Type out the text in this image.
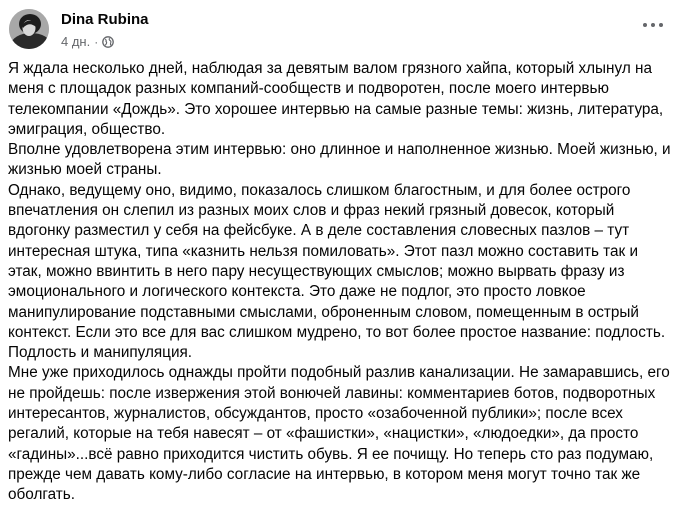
Dina Rubina
4 дн. ·

Я ждала несколько дней, наблюдая за девятым валом грязного хайпа, который хлынул на

меня с площадок разных компаний-сообществ и подворотен, после моего интервью

телекомпании «Дождь». Это хорошее интервью на самые разные темы: жизнь, литература,

эмиграция, общество.

Вполне удовлетворена этим интервью: оно длинное и наполненное жизнью. Моей жизнью, и

жизнью моей страны.

Однако, ведущему оно, видимо, показалось слишком благостным, и для более острого

впечатления он слепил из разных моих слов и фраз некий грязный довесок, который

вдогонку разместил у себя на фейсбуке. А в деле составления словесных пазлов – тут

интересная штука, типа «казнить нельзя помиловать». Этот пазл можно составить так и

этак, можно ввинтить в него пару несуществующих смыслов; можно вырвать фразу из

эмоционального и логического контекста. Это даже не подлог, это просто ловкое

манипулирование подставными смыслами, оброненным словом, помещенным в острый

контекст. Если это все для вас слишком мудрено, то вот более простое название: подлость.

Подлость и манипуляция.

Мне уже приходилось однажды пройти подобный разлив канализации. Не замаравшись, его

не пройдешь: после извержения этой вонючей лавины: комментариев ботов, подворотных

интересантов, журналистов, обсуждантов, просто «озабоченной публики»; после всех

регалий, которые на тебя навесят – от «фашистки», «нацистки», «людоедки», да просто

«гадины»...всё равно приходится чистить обувь. Я ее почищу. Но теперь сто раз подумаю,

прежде чем давать кому-либо согласие на интервью, в котором меня могут точно так же

оболгать.
